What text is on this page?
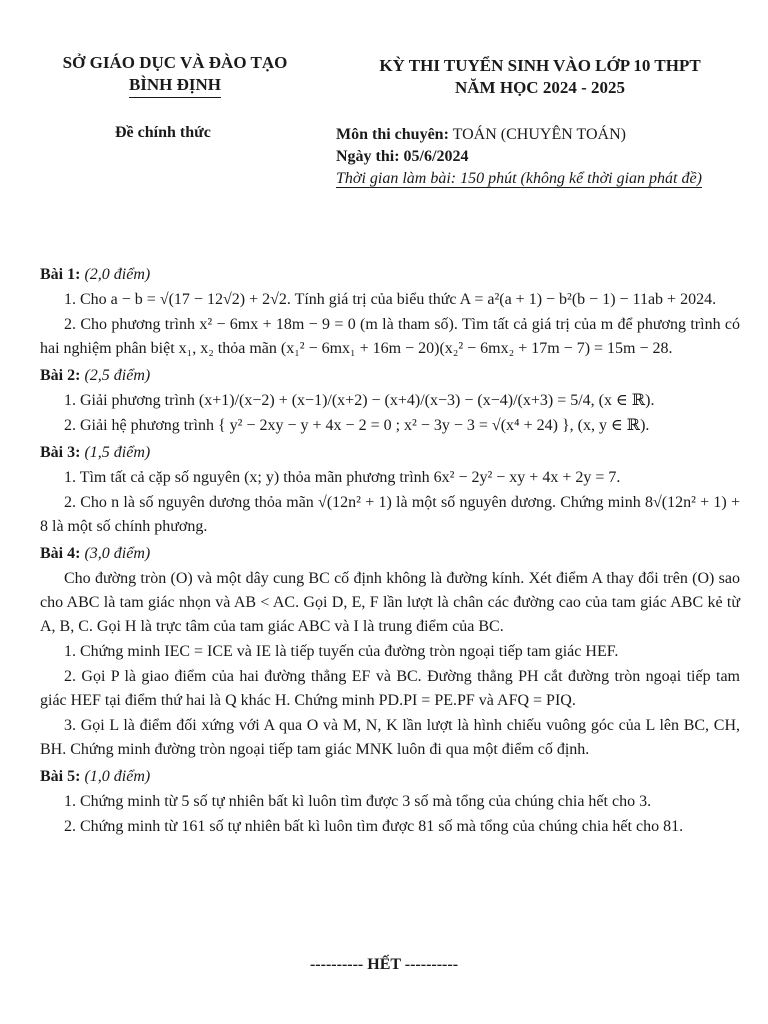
SỞ GIÁO DỤC VÀ ĐÀO TẠO
BÌNH ĐỊNH
KỲ THI TUYỂN SINH VÀO LỚP 10 THPT
NĂM HỌC 2024 - 2025
Đề chính thức	Môn thi chuyên: TOÁN (CHUYÊN TOÁN)
Ngày thi: 05/6/2024
Thời gian làm bài: 150 phút (không kể thời gian phát đề)
Bài 1: (2,0 điểm)
1. Cho a − b = √(17 − 12√2) + 2√2. Tính giá trị của biểu thức A = a²(a + 1) − b²(b − 1) − 11ab + 2024.
2. Cho phương trình x² − 6mx + 18m − 9 = 0 (m là tham số). Tìm tất cả giá trị của m để phương trình có hai nghiệm phân biệt x₁, x₂ thỏa mãn (x₁² − 6mx₁ + 16m − 20)(x₂² − 6mx₂ + 17m − 7) = 15m − 28.
Bài 2: (2,5 điểm)
1. Giải phương trình (x+1)/(x−2) + (x−1)/(x+2) − (x+4)/(x−3) − (x−4)/(x+3) = 5/4, (x ∈ ℝ).
2. Giải hệ phương trình { y² − 2xy − y + 4x − 2 = 0 ; x² − 3y − 3 = √(x⁴ + 24) }, (x, y ∈ ℝ).
Bài 3: (1,5 điểm)
1. Tìm tất cả cặp số nguyên (x; y) thỏa mãn phương trình 6x² − 2y² − xy + 4x + 2y = 7.
2. Cho n là số nguyên dương thỏa mãn √(12n² + 1) là một số nguyên dương. Chứng minh 8√(12n² + 1) + 8 là một số chính phương.
Bài 4: (3,0 điểm)
Cho đường tròn (O) và một dây cung BC cố định không là đường kính. Xét điểm A thay đổi trên (O) sao cho ABC là tam giác nhọn và AB < AC. Gọi D, E, F lần lượt là chân các đường cao của tam giác ABC kẻ từ A, B, C. Gọi H là trực tâm của tam giác ABC và I là trung điểm của BC.
1. Chứng minh IEC = ICE và IE là tiếp tuyến của đường tròn ngoại tiếp tam giác HEF.
2. Gọi P là giao điểm của hai đường thẳng EF và BC. Đường thẳng PH cắt đường tròn ngoại tiếp tam giác HEF tại điểm thứ hai là Q khác H. Chứng minh PD.PI = PE.PF và AFQ = PIQ.
3. Gọi L là điểm đối xứng với A qua O và M, N, K lần lượt là hình chiếu vuông góc của L lên BC, CH, BH. Chứng minh đường tròn ngoại tiếp tam giác MNK luôn đi qua một điểm cố định.
Bài 5: (1,0 điểm)
1. Chứng minh từ 5 số tự nhiên bất kì luôn tìm được 3 số mà tổng của chúng chia hết cho 3.
2. Chứng minh từ 161 số tự nhiên bất kì luôn tìm được 81 số mà tổng của chúng chia hết cho 81.
---------- HẾT ----------
